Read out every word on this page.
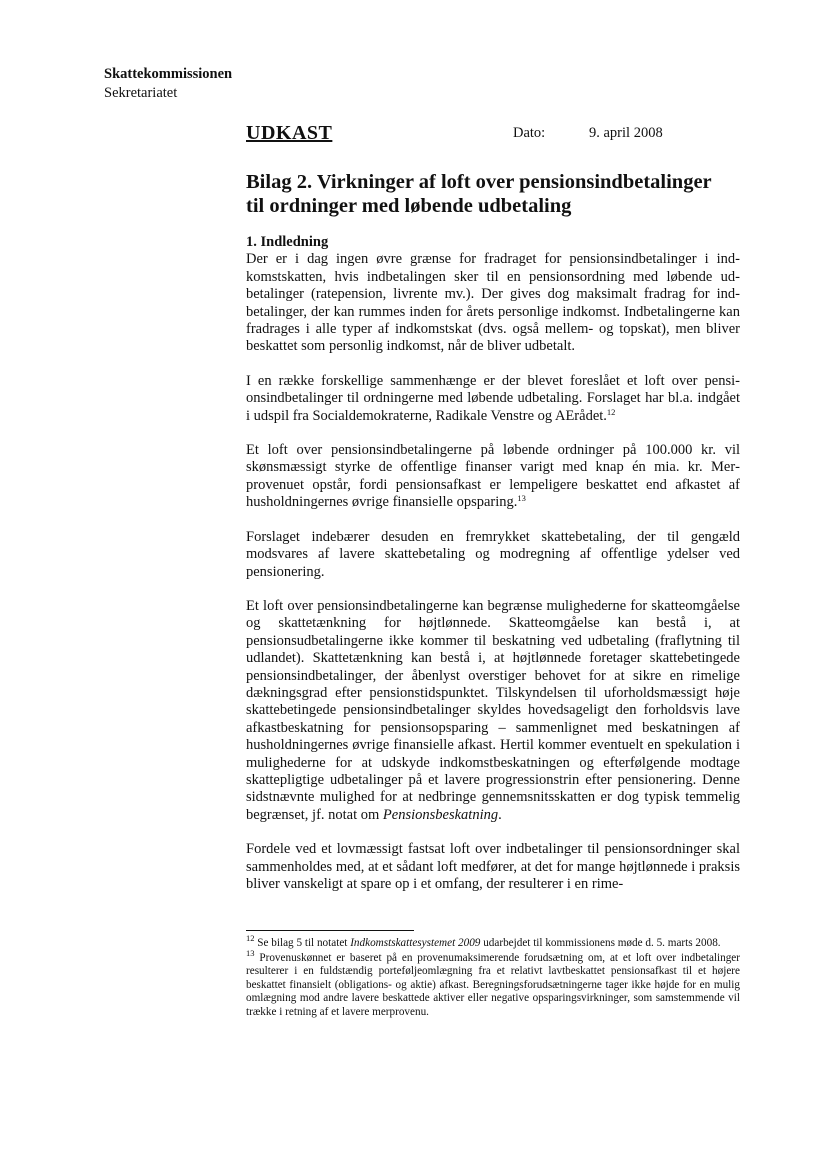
Skattekommissionen
Sekretariatet
UDKAST	Dato:	9. april 2008
Bilag 2. Virkninger af loft over pensionsindbetalinger
til ordninger med løbende udbetaling
1. Indledning

Der er i dag ingen øvre grænse for fradraget for pensionsindbetalinger i indkomstskatten, hvis indbetalingen sker til en pensionsordning med løbende udbetalinger (ratepension, livrente mv.). Der gives dog maksimalt fradrag for indbetalinger, der kan rummes inden for årets personlige indkomst. Indbetalingerne kan fradrages i alle typer af indkomstskat (dvs. også mellem- og topskat), men bliver beskattet som personlig indkomst, når de bliver udbetalt.

I en række forskellige sammenhænge er der blevet foreslået et loft over pensionsindbetalinger til ordningerne med løbende udbetaling. Forslaget har bl.a. indgået i udspil fra Socialdemokraterne, Radikale Venstre og AErådet.$^{12}$

Et loft over pensionsindbetalingerne på løbende ordninger på 100.000 kr. vil skønsmæssigt styrke de offentlige finanser varigt med knap én mia. kr. Merprovenuet opstår, fordi pensionsafkast er lempeligere beskattet end afkastet af husholdningernes øvrige finansielle opsparing.$^{13}$

Forslaget indebærer desuden en fremrykket skattebetaling, der til gengæld modsvares af lavere skattebetaling og modregning af offentlige ydelser ved pensionering.

Et loft over pensionsindbetalingerne kan begrænse mulighederne for skatteomgåelse og skattetænkning for højtlønnede. Skatteomgåelse kan bestå i, at pensionsudbetalingerne ikke kommer til beskatning ved udbetaling (fraflytning til udlandet). Skattetænkning kan bestå i, at højtlønnede foretager skattebetingede pensionsindbetalinger, der åbenlyst overstiger behovet for at sikre en rimelige dækningsgrad efter pensionstidspunktet. Tilskyndelsen til uforholdsmæssigt høje skattebetingede pensionsindbetalinger skyldes hovedsageligt den forholdsvis lave afkastbeskatning for pensionsopsparing – sammenlignet med beskatningen af husholdningernes øvrige finansielle afkast. Hertil kommer eventuelt en spekulation i mulighederne for at udskyde indkomstbeskatningen og efterfølgende modtage skattepligtige udbetalinger på et lavere progressionstrin efter pensionering. Denne sidstnævnte mulighed for at nedbringe gennemsnitsskatten er dog typisk temmelig begrænset, jf. notat om Pensionsbeskatning.

Fordele ved et lovmæssigt fastsat loft over indbetalinger til pensionsordninger skal sammenholdes med, at et sådant loft medfører, at det for mange højtlønnede i praksis bliver vanskeligt at spare op i et omfang, der resulterer i en rime-

$^{12}$ Se bilag 5 til notatet Indkomstskattesystemet 2009 udarbejdet til kommissionens møde d. 5. marts 2008.

$^{13}$ Provenuskønnet er baseret på en provenumaksimerende forudsætning om, at et loft over indbetalinger resulterer i en fuldstændig porteføljeomlægning fra et relativt lavtbeskattet pensionsafkast til et højere beskattet finansielt (obligations- og aktie) afkast. Beregningsforudsætningerne tager ikke højde for en mulig omlægning mod andre lavere beskattede aktiver eller negative opsparingsvirkninger, som samstemmende vil trække i retning af et lavere merprovenu.
